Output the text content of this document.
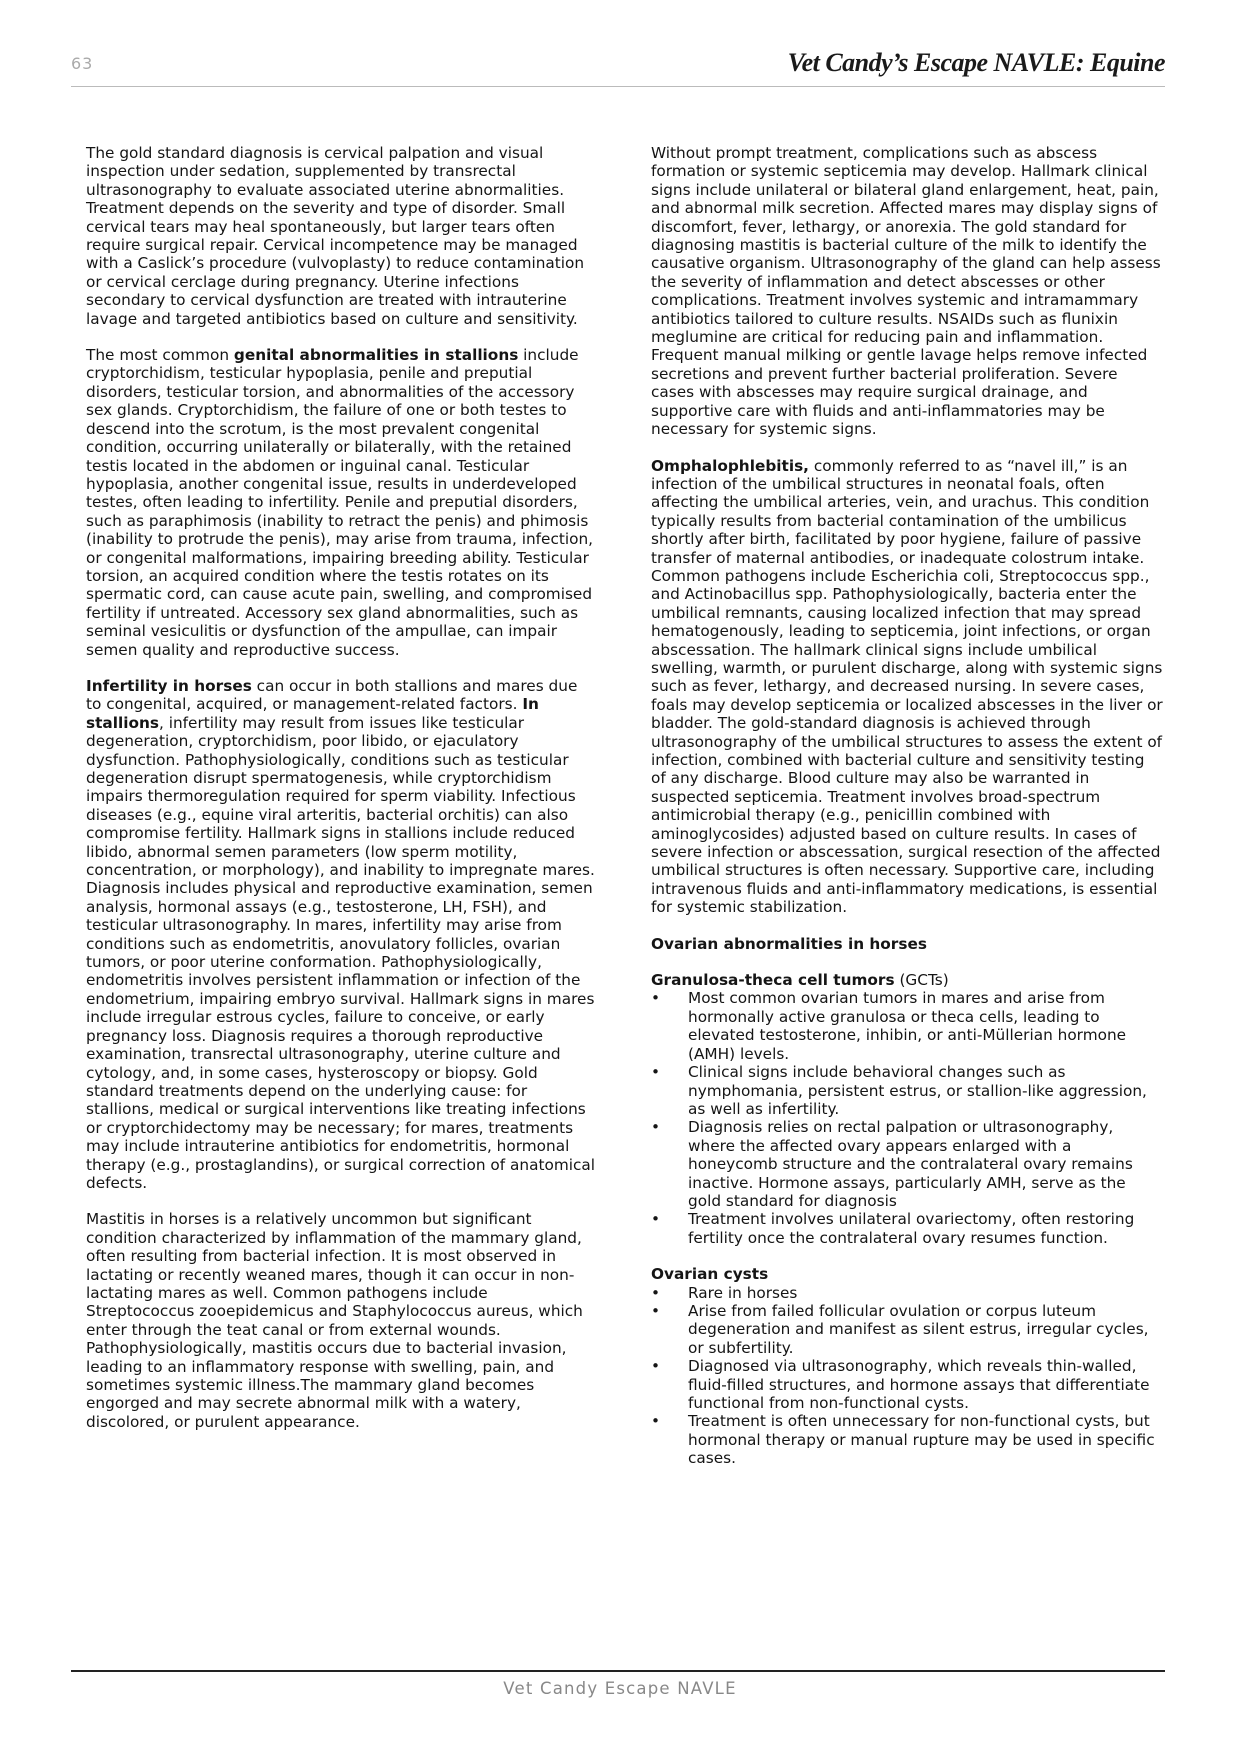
63	Vet Candy’s Escape NAVLE: Equine

The gold standard diagnosis is cervical palpation and visual inspection under sedation, supplemented by transrectal ultrasonography to evaluate associated uterine abnormalities. Treatment depends on the severity and type of disorder. Small cervical tears may heal spontaneously, but larger tears often require surgical repair. Cervical incompetence may be managed with a Caslick’s procedure (vulvoplasty) to reduce contamination or cervical cerclage during pregnancy. Uterine infections secondary to cervical dysfunction are treated with intrauterine lavage and targeted antibiotics based on culture and sensitivity.

The most common genital abnormalities in stallions include cryptorchidism, testicular hypoplasia, penile and preputial disorders, testicular torsion, and abnormalities of the accessory sex glands. Cryptorchidism, the failure of one or both testes to descend into the scrotum, is the most prevalent congenital condition, occurring unilaterally or bilaterally, with the retained testis located in the abdomen or inguinal canal. Testicular hypoplasia, another congenital issue, results in underdeveloped testes, often leading to infertility. Penile and preputial disorders, such as paraphimosis (inability to retract the penis) and phimosis (inability to protrude the penis), may arise from trauma, infection, or congenital malformations, impairing breeding ability. Testicular torsion, an acquired condition where the testis rotates on its spermatic cord, can cause acute pain, swelling, and compromised fertility if untreated. Accessory sex gland abnormalities, such as seminal vesiculitis or dysfunction of the ampullae, can impair semen quality and reproductive success.

Infertility in horses can occur in both stallions and mares due to congenital, acquired, or management-related factors. In stallions, infertility may result from issues like testicular degeneration, cryptorchidism, poor libido, or ejaculatory dysfunction. Pathophysiologically, conditions such as testicular degeneration disrupt spermatogenesis, while cryptorchidism impairs thermoregulation required for sperm viability. Infectious diseases (e.g., equine viral arteritis, bacterial orchitis) can also compromise fertility. Hallmark signs in stallions include reduced libido, abnormal semen parameters (low sperm motility, concentration, or morphology), and inability to impregnate mares. Diagnosis includes physical and reproductive examination, semen analysis, hormonal assays (e.g., testosterone, LH, FSH), and testicular ultrasonography. In mares, infertility may arise from conditions such as endometritis, anovulatory follicles, ovarian tumors, or poor uterine conformation. Pathophysiologically, endometritis involves persistent inflammation or infection of the endometrium, impairing embryo survival. Hallmark signs in mares include irregular estrous cycles, failure to conceive, or early pregnancy loss. Diagnosis requires a thorough reproductive examination, transrectal ultrasonography, uterine culture and cytology, and, in some cases, hysteroscopy or biopsy. Gold standard treatments depend on the underlying cause: for stallions, medical or surgical interventions like treating infections or cryptorchidectomy may be necessary; for mares, treatments may include intrauterine antibiotics for endometritis, hormonal therapy (e.g., prostaglandins), or surgical correction of anatomical defects.

Mastitis in horses is a relatively uncommon but significant condition characterized by inflammation of the mammary gland, often resulting from bacterial infection. It is most observed in lactating or recently weaned mares, though it can occur in non-lactating mares as well. Common pathogens include Streptococcus zooepidemicus and Staphylococcus aureus, which enter through the teat canal or from external wounds. Pathophysiologically, mastitis occurs due to bacterial invasion, leading to an inflammatory response with swelling, pain, and sometimes systemic illness.The mammary gland becomes engorged and may secrete abnormal milk with a watery, discolored, or purulent appearance.

Without prompt treatment, complications such as abscess formation or systemic septicemia may develop. Hallmark clinical signs include unilateral or bilateral gland enlargement, heat, pain, and abnormal milk secretion. Affected mares may display signs of discomfort, fever, lethargy, or anorexia. The gold standard for diagnosing mastitis is bacterial culture of the milk to identify the causative organism. Ultrasonography of the gland can help assess the severity of inflammation and detect abscesses or other complications. Treatment involves systemic and intramammary antibiotics tailored to culture results. NSAIDs such as flunixin meglumine are critical for reducing pain and inflammation. Frequent manual milking or gentle lavage helps remove infected secretions and prevent further bacterial proliferation. Severe cases with abscesses may require surgical drainage, and supportive care with fluids and anti-inflammatories may be necessary for systemic signs.

Omphalophlebitis, commonly referred to as “navel ill,” is an infection of the umbilical structures in neonatal foals, often affecting the umbilical arteries, vein, and urachus. This condition typically results from bacterial contamination of the umbilicus shortly after birth, facilitated by poor hygiene, failure of passive transfer of maternal antibodies, or inadequate colostrum intake. Common pathogens include Escherichia coli, Streptococcus spp., and Actinobacillus spp. Pathophysiologically, bacteria enter the umbilical remnants, causing localized infection that may spread hematogenously, leading to septicemia, joint infections, or organ abscessation. The hallmark clinical signs include umbilical swelling, warmth, or purulent discharge, along with systemic signs such as fever, lethargy, and decreased nursing. In severe cases, foals may develop septicemia or localized abscesses in the liver or bladder. The gold-standard diagnosis is achieved through ultrasonography of the umbilical structures to assess the extent of infection, combined with bacterial culture and sensitivity testing of any discharge. Blood culture may also be warranted in suspected septicemia. Treatment involves broad-spectrum antimicrobial therapy (e.g., penicillin combined with aminoglycosides) adjusted based on culture results. In cases of severe infection or abscessation, surgical resection of the affected umbilical structures is often necessary. Supportive care, including intravenous fluids and anti-inflammatory medications, is essential for systemic stabilization.

Ovarian abnormalities in horses

Granulosa-theca cell tumors (GCTs)

• Most common ovarian tumors in mares and arise from hormonally active granulosa or theca cells, leading to elevated testosterone, inhibin, or anti-Müllerian hormone (AMH) levels.
• Clinical signs include behavioral changes such as nymphomania, persistent estrus, or stallion-like aggression, as well as infertility.
• Diagnosis relies on rectal palpation or ultrasonography, where the affected ovary appears enlarged with a honeycomb structure and the contralateral ovary remains inactive. Hormone assays, particularly AMH, serve as the gold standard for diagnosis
• Treatment involves unilateral ovariectomy, often restoring fertility once the contralateral ovary resumes function.

Ovarian cysts

• Rare in horses
• Arise from failed follicular ovulation or corpus luteum degeneration and manifest as silent estrus, irregular cycles, or subfertility.
• Diagnosed via ultrasonography, which reveals thin-walled, fluid-filled structures, and hormone assays that differentiate functional from non-functional cysts.
• Treatment is often unnecessary for non-functional cysts, but hormonal therapy or manual rupture may be used in specific cases.
Vet Candy Escape NAVLE
